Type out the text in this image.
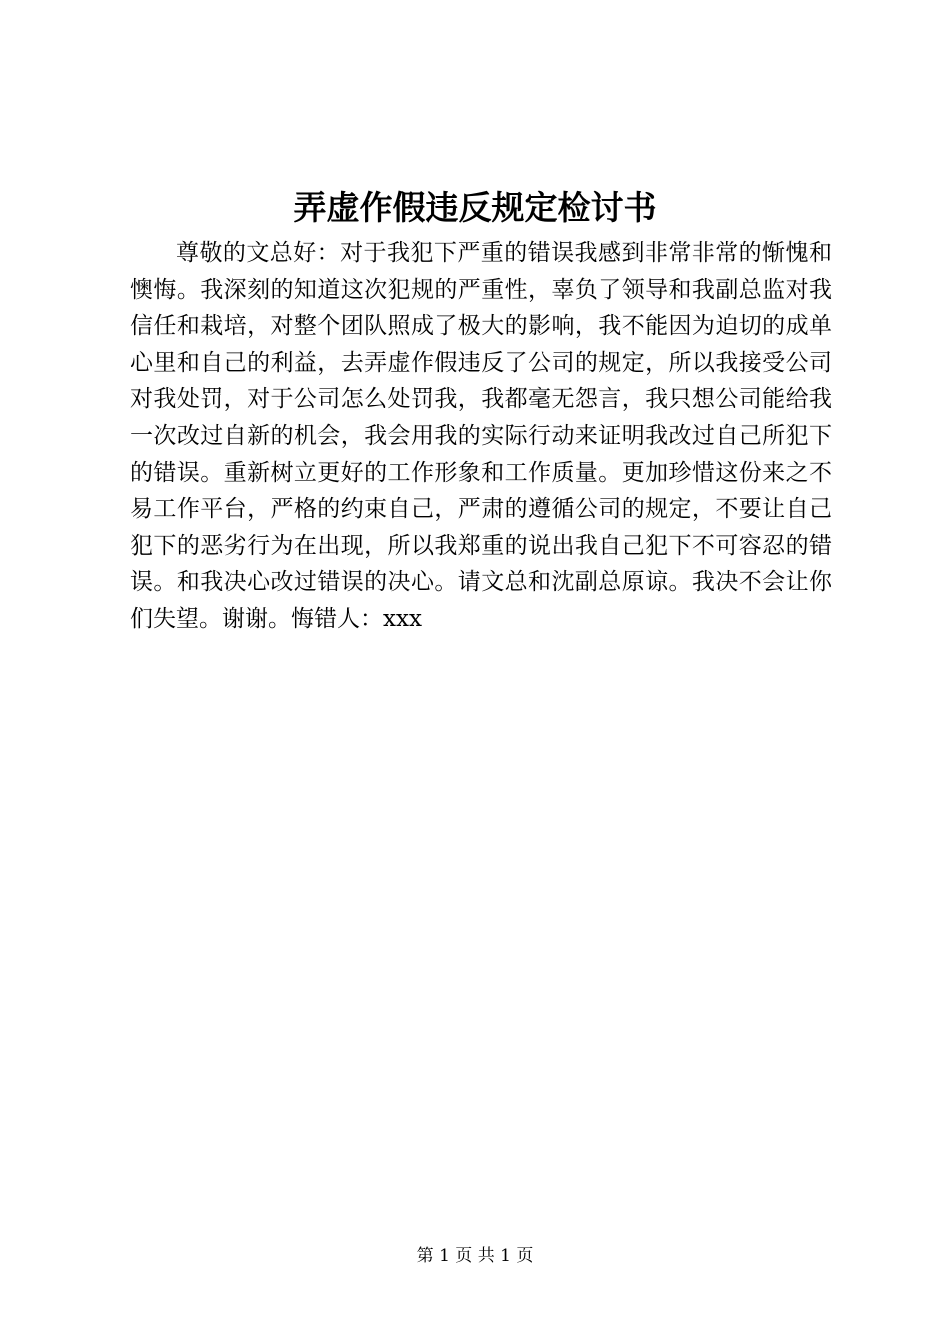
弄虚作假违反规定检讨书

尊敬的文总好：对于我犯下严重的错误我感到非常非常的惭愧和懊悔。我深刻的知道这次犯规的严重性，辜负了领导和我副总监对我信任和栽培，对整个团队照成了极大的影响，我不能因为迫切的成单心里和自己的利益，去弄虚作假违反了公司的规定，所以我接受公司对我处罚，对于公司怎么处罚我，我都毫无怨言，我只想公司能给我一次改过自新的机会，我会用我的实际行动来证明我改过自己所犯下的错误。重新树立更好的工作形象和工作质量。更加珍惜这份来之不易工作平台，严格的约束自己，严肃的遵循公司的规定，不要让自己犯下的恶劣行为在出现，所以我郑重的说出我自己犯下不可容忍的错误。和我决心改过错误的决心。请文总和沈副总原谅。我决不会让你们失望。谢谢。悔错人：xxx

第 1 页 共 1 页
